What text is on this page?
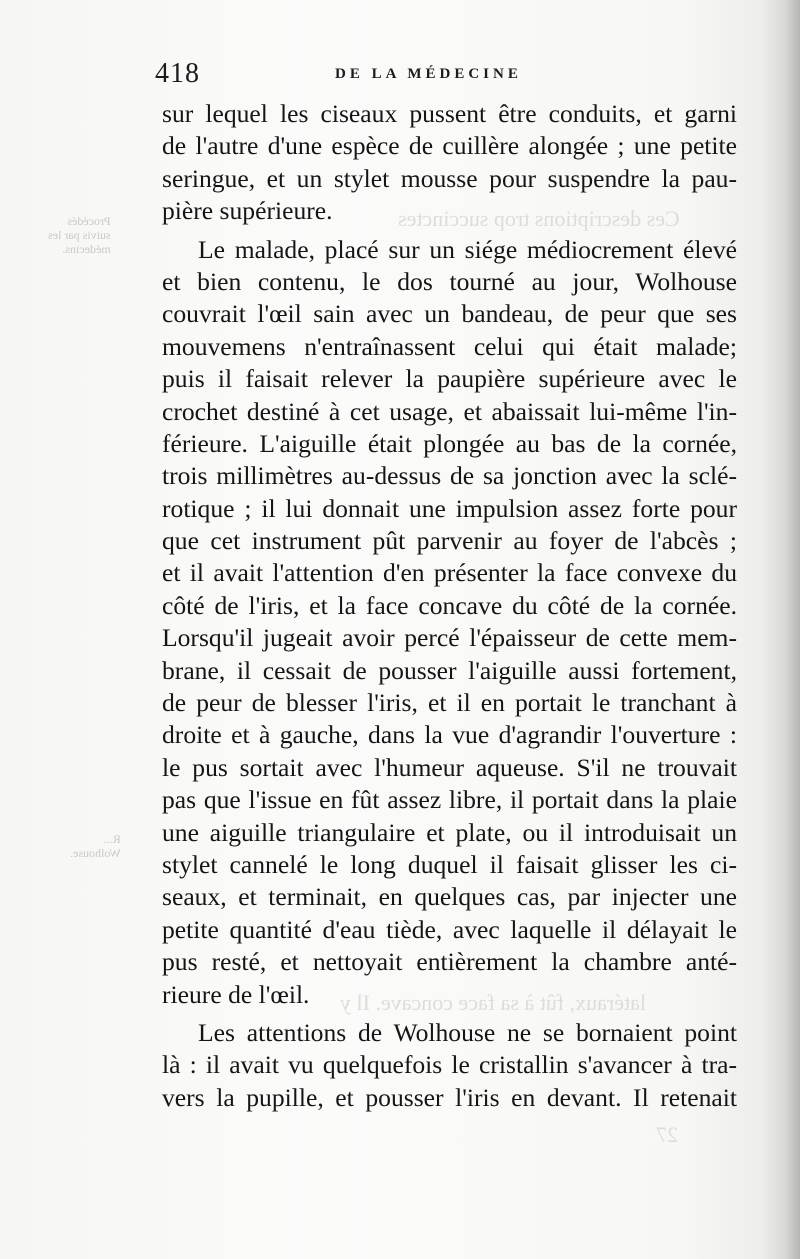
Procédés
suivis par les
médecins.
R...
Wolhouse.
Ces descriptions trop succinctes
latéraux, fût à sa face concave. Il y
27
418	DE LA MÉDECINE
sur lequel les ciseaux pussent être conduits, et garni
de l'autre d'une espèce de cuillère alongée ; une petite
seringue, et un stylet mousse pour suspendre la pau-
pière supérieure.
Le malade, placé sur un siége médiocrement élevé
et bien contenu, le dos tourné au jour, Wolhouse
couvrait l'œil sain avec un bandeau, de peur que ses
mouvemens n'entraînassent celui qui était malade;
puis il faisait relever la paupière supérieure avec le
crochet destiné à cet usage, et abaissait lui-même l'in-
férieure. L'aiguille était plongée au bas de la cornée,
trois millimètres au-dessus de sa jonction avec la sclé-
rotique ; il lui donnait une impulsion assez forte pour
que cet instrument pût parvenir au foyer de l'abcès ;
et il avait l'attention d'en présenter la face convexe du
côté de l'iris, et la face concave du côté de la cornée.
Lorsqu'il jugeait avoir percé l'épaisseur de cette mem-
brane, il cessait de pousser l'aiguille aussi fortement,
de peur de blesser l'iris, et il en portait le tranchant à
droite et à gauche, dans la vue d'agrandir l'ouverture :
le pus sortait avec l'humeur aqueuse. S'il ne trouvait
pas que l'issue en fût assez libre, il portait dans la plaie
une aiguille triangulaire et plate, ou il introduisait un
stylet cannelé le long duquel il faisait glisser les ci-
seaux, et terminait, en quelques cas, par injecter une
petite quantité d'eau tiède, avec laquelle il délayait le
pus resté, et nettoyait entièrement la chambre anté-
rieure de l'œil.
Les attentions de Wolhouse ne se bornaient point
là : il avait vu quelquefois le cristallin s'avancer à tra-
vers la pupille, et pousser l'iris en devant. Il retenait
